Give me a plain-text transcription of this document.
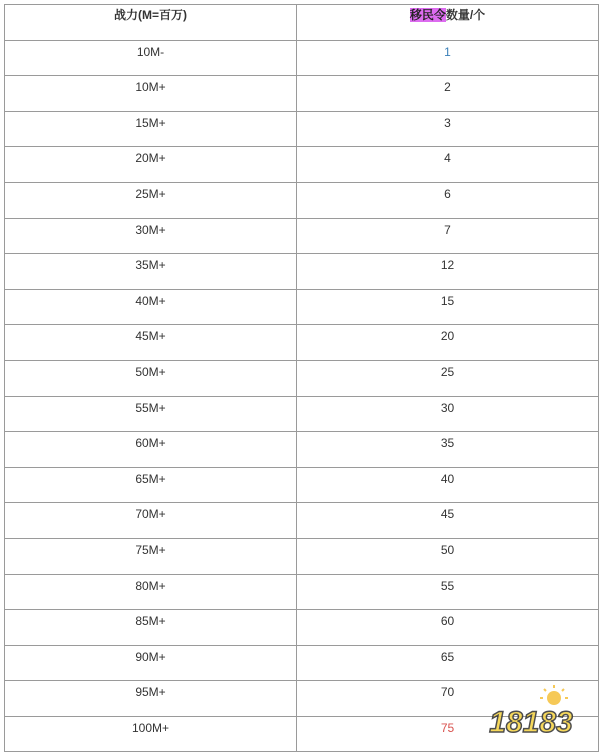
战力(M=百万)	移民令数量/个
10M-	1
10M+	2
15M+	3
20M+	4
25M+	6
30M+	7
35M+	12
40M+	15
45M+	20
50M+	25
55M+	30
60M+	35
65M+	40
70M+	45
75M+	50
80M+	55
85M+	60
90M+	65
95M+	70
100M+	75 18183
